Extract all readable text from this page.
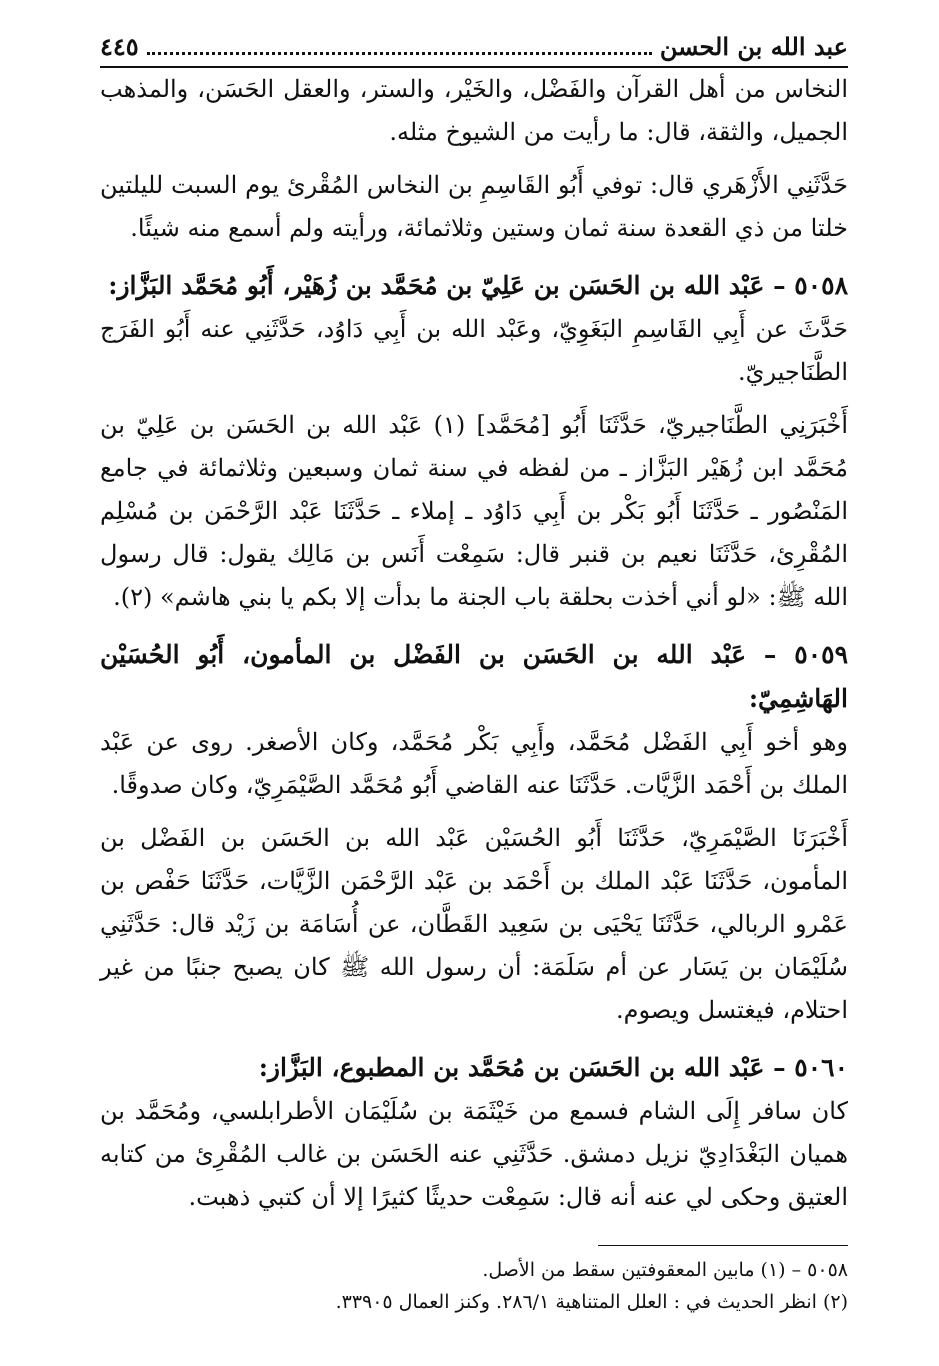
عبد الله بن الحسن
٤٤٥

النخاس من أهل القرآن والفَضْل، والخَيْر، والستر، والعقل الحَسَن، والمذهب الجميل، والثقة، قال: ما رأيت من الشيوخ مثله.

حَدَّثَنِي الأَزْهَري قال: توفي أَبُو القَاسِمِ بن النخاس المُقْرئ يوم السبت لليلتين خلتا من ذي القعدة سنة ثمان وستين وثلاثمائة، ورأيته ولم أسمع منه شيئًا.

٥٠٥٨ – عَبْد الله بن الحَسَن بن عَلِيّ بن مُحَمَّد بن زُهَيْر، أَبُو مُحَمَّد البَزَّاز:

حَدَّثَ عن أَبِي القَاسِمِ البَغَوِيّ، وعَبْد الله بن أَبِي دَاوُد، حَدَّثَنِي عنه أَبُو الفَرَج الطَّنَاجيريّ.

أَخْبَرَنِي الطَّنَاجيريّ، حَدَّثَنَا أَبُو [مُحَمَّد] (١) عَبْد الله بن الحَسَن بن عَلِيّ بن مُحَمَّد ابن زُهَيْر البَزَّاز ـ من لفظه في سنة ثمان وسبعين وثلاثمائة في جامع المَنْصُور ـ حَدَّثَنَا أَبُو بَكْر بن أَبِي دَاوُد ـ إملاء ـ حَدَّثَنَا عَبْد الرَّحْمَن بن مُسْلِم المُقْرِئ، حَدَّثَنَا نعيم بن قنبر قال: سَمِعْت أَنَس بن مَالِك يقول: قال رسول الله ﷺ: «لو أني أخذت بحلقة باب الجنة ما بدأت إلا بكم يا بني هاشم» (٢).

٥٠٥٩ – عَبْد الله بن الحَسَن بن الفَضْل بن المأمون، أَبُو الحُسَيْن الهَاشِمِيّ:

وهو أخو أَبِي الفَضْل مُحَمَّد، وأَبِي بَكْر مُحَمَّد، وكان الأصغر. روى عن عَبْد الملك بن أَحْمَد الزَّيَّات. حَدَّثَنَا عنه القاضي أَبُو مُحَمَّد الصَّيْمَرِيّ، وكان صدوقًا.

أَخْبَرَنَا الصَّيْمَرِيّ، حَدَّثَنَا أَبُو الحُسَيْن عَبْد الله بن الحَسَن بن الفَضْل بن المأمون، حَدَّثَنَا عَبْد الملك بن أَحْمَد بن عَبْد الرَّحْمَن الزَّيَّات، حَدَّثَنَا حَفْص بن عَمْرو الربالي، حَدَّثَنَا يَحْيَى بن سَعِيد القَطَّان، عن أُسَامَة بن زَيْد قال: حَدَّثَنِي سُلَيْمَان بن يَسَار عن أم سَلَمَة: أن رسول الله ﷺ كان يصبح جنبًا من غير احتلام، فيغتسل ويصوم.

٥٠٦٠ – عَبْد الله بن الحَسَن بن مُحَمَّد بن المطبوع، البَزَّاز:

كان سافر إِلَى الشام فسمع من خَيْثَمَة بن سُلَيْمَان الأطرابلسي، ومُحَمَّد بن هميان البَغْدَادِيّ نزيل دمشق. حَدَّثَنِي عنه الحَسَن بن غالب المُقْرِئ من كتابه العتيق وحكى لي عنه أنه قال: سَمِعْت حديثًا كثيرًا إلا أن كتبي ذهبت.

٥٠٥٨ – (١) مابين المعقوفتين سقط من الأصل.

(٢) انظر الحديث في : العلل المتناهية ٢٨٦/١. وكنز العمال ٣٣٩٠٥.
